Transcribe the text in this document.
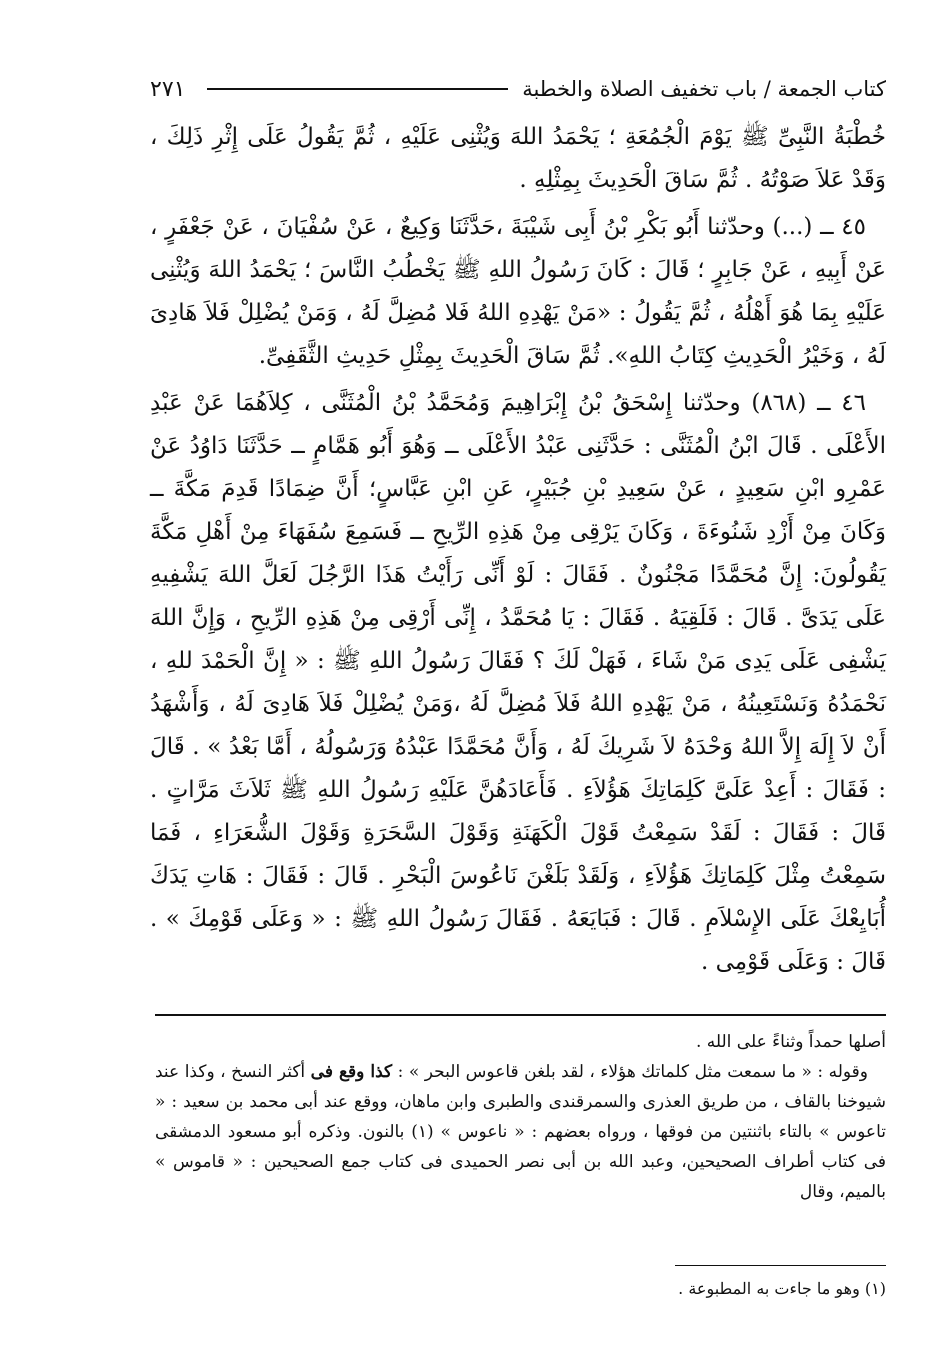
كتاب الجمعة / باب تخفيف الصلاة والخطبة
٢٧١

خُطْبَةُ النَّبِىِّ ﷺ يَوْمَ الْجُمُعَةِ ؛ يَحْمَدُ اللهَ وَيُثْنِى عَلَيْهِ ، ثُمَّ يَقُولُ عَلَى إِثْرِ ذَلِكَ ، وَقَدْ عَلاَ صَوْتُهُ . ثُمَّ سَاقَ الْحَدِيثَ بِمِثْلِهِ .

٤٥ ــ (...) وحدّثنا أَبُو بَكْرِ بْنُ أَبِى شَيْبَةَ ،حَدَّثَنَا وَكِيعٌ ، عَنْ سُفْيَانَ ، عَنْ جَعْفَرٍ ، عَنْ أَبِيهِ ، عَنْ جَابِرٍ ؛ قَالَ : كَانَ رَسُولُ اللهِ ﷺ يَخْطُبُ النَّاسَ ؛ يَحْمَدُ اللهَ وَيُثْنِى عَلَيْهِ بِمَا هُوَ أَهْلُهُ ، ثُمَّ يَقُولُ : «مَنْ يَهْدِهِ اللهُ فَلا مُضِلَّ لَهُ ، وَمَنْ يُضْلِلْ فَلاَ هَادِىَ لَهُ ، وَخَيْرُ الْحَدِيثِ كِتَابُ اللهِ». ثُمَّ سَاقَ الْحَدِيثَ بِمِثْلِ حَدِيثِ الثَّقَفِىِّ.

٤٦ ــ (٨٦٨) وحدّثنا إِسْحَقُ بْنُ إِبْرَاهِيمَ وَمُحَمَّدُ بْنُ الْمُثَنَّى ، كِلاَهُمَا عَنْ عَبْدِ الأَعْلَى . قَالَ ابْنُ الْمُثَنَّى : حَدَّثَنِى عَبْدُ الأَعْلَى ــ وَهُوَ أَبُو هَمَّامٍ ــ حَدَّثَنَا دَاوُدُ عَنْ عَمْرِو ابْنِ سَعِيدٍ ، عَنْ سَعِيدِ بْنِ جُبَيْرٍ، عَنِ ابْنِ عَبَّاسٍ؛ أَنَّ ضِمَادًا قَدِمَ مَكَّةَ ــ وَكَانَ مِنْ أَزْدِ شَنُوءَةَ ، وَكَانَ يَرْقِى مِنْ هَذِهِ الرِّيحِ ــ فَسَمِعَ سُفَهَاءَ مِنْ أَهْلِ مَكَّةَ يَقُولُونَ: إِنَّ مُحَمَّدًا مَجْنُونٌ . فَقَالَ : لَوْ أَنِّى رَأَيْتُ هَذَا الرَّجُلَ لَعَلَّ اللهَ يَشْفِيهِ عَلَى يَدَىَّ . قَالَ : فَلَقِيَهُ . فَقَالَ : يَا مُحَمَّدُ ، إِنِّى أَرْقِى مِنْ هَذِهِ الرِّيحِ ، وَإِنَّ اللهَ يَشْفِى عَلَى يَدِى مَنْ شَاءَ ، فَهَلْ لَكَ ؟ فَقَالَ رَسُولُ اللهِ ﷺ : « إِنَّ الْحَمْدَ للهِ ، نَحْمَدُهُ وَنَسْتَعِينُهُ ، مَنْ يَهْدِهِ اللهُ فَلاَ مُضِلَّ لَهُ ،وَمَنْ يُضْلِلْ فَلاَ هَادِىَ لَهُ ، وَأَشْهَدُ أَنْ لاَ إِلَهَ إِلاَّ اللهُ وَحْدَهُ لاَ شَرِيكَ لَهُ ، وَأَنَّ مُحَمَّدًا عَبْدُهُ وَرَسُولُهُ ، أَمَّا بَعْدُ » . قَالَ : فَقَالَ : أَعِدْ عَلَىَّ كَلِمَاتِكَ هَؤُلاَءِ . فَأَعَادَهُنَّ عَلَيْهِ رَسُولُ اللهِ ﷺ ثَلاَثَ مَرَّاتٍ . قَالَ : فَقَالَ : لَقَدْ سَمِعْتُ قَوْلَ الْكَهَنَةِ وَقَوْلَ السَّحَرَةِ وَقَوْلَ الشُّعَرَاءِ ، فَمَا سَمِعْتُ مِثْلَ كَلِمَاتِكَ هَؤُلاَءِ ، وَلَقَدْ بَلَغْنَ نَاعُوسَ الْبَحْرِ . قَالَ : فَقَالَ : هَاتِ يَدَكَ أُبَايِعْكَ عَلَى الإِسْلاَمِ . قَالَ : فَبَايَعَهُ . فَقَالَ رَسُولُ اللهِ ﷺ : « وَعَلَى قَوْمِكَ » . قَالَ : وَعَلَى قَوْمِى .

أصلها حمداً وثناءً على الله .

وقوله : « ما سمعت مثل كلماتك هؤلاء ، لقد بلغن قاعوس البحر » : كذا وقع فى أكثر النسخ ، وكذا عند شيوخنا بالقاف ، من طريق العذرى والسمرقندى والطبرى وابن ماهان، ووقع عند أبى محمد بن سعيد : « تاعوس » بالتاء باثنتين من فوقها ، ورواه بعضهم : « ناعوس » (١) بالنون. وذكره أبو مسعود الدمشقى فى كتاب أطراف الصحيحين، وعبد الله بن أبى نصر الحميدى فى كتاب جمع الصحيحين : « قاموس » بالميم، وقال

(١) وهو ما جاءت به المطبوعة .
